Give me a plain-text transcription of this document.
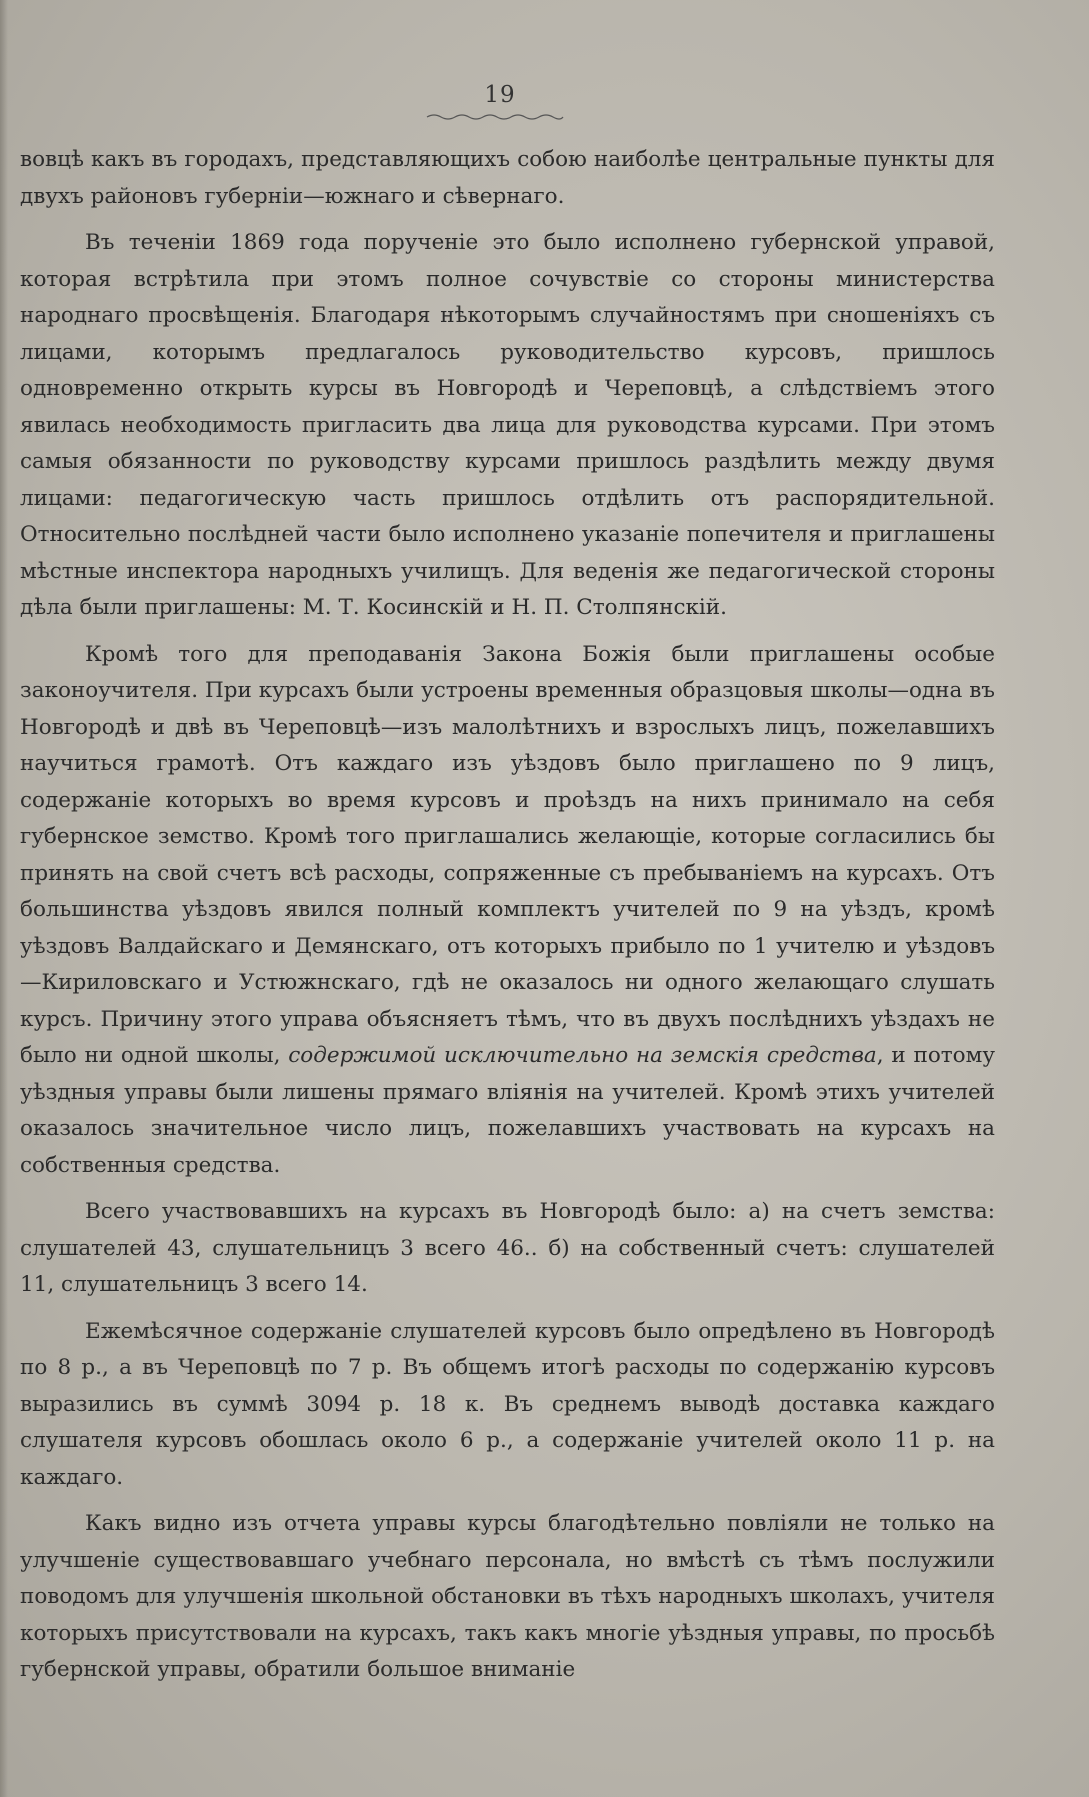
19

вовцѣ какъ въ городахъ, представляющихъ собою наиболѣе центральные пункты для двухъ районовъ губерніи—южнаго и сѣвернаго.

Въ теченіи 1869 года порученіе это было исполнено губернской управой, которая встрѣтила при этомъ полное сочувствіе со стороны министерства народнаго просвѣщенія. Благодаря нѣкоторымъ случайностямъ при сношеніяхъ съ лицами, которымъ предлагалось руководительство курсовъ, пришлось одновременно открыть курсы въ Новгородѣ и Череповцѣ, а слѣдствіемъ этого явилась необходимость пригласить два лица для руководства курсами. При этомъ самыя обязанности по руководству курсами пришлось раздѣлить между двумя лицами: педагогическую часть пришлось отдѣлить отъ распорядительной. Относительно послѣдней части было исполнено указаніе попечителя и приглашены мѣстные инспектора народныхъ училищъ. Для веденія же педагогической стороны дѣла были приглашены: М. Т. Косинскій и Н. П. Столпянскій.

Кромѣ того для преподаванія Закона Божія были приглашены особые законоучителя. При курсахъ были устроены временныя образцовыя школы—одна въ Новгородѣ и двѣ въ Череповцѣ—изъ малолѣтнихъ и взрослыхъ лицъ, пожелавшихъ научиться грамотѣ. Отъ каждаго изъ уѣздовъ было приглашено по 9 лицъ, содержаніе которыхъ во время курсовъ и проѣздъ на нихъ принимало на себя губернское земство. Кромѣ того приглашались желающіе, которые согласились бы принять на свой счетъ всѣ расходы, сопряженные съ пребываніемъ на курсахъ. Отъ большинства уѣздовъ явился полный комплектъ учителей по 9 на уѣздъ, кромѣ уѣздовъ Валдайскаго и Демянскаго, отъ которыхъ прибыло по 1 учителю и уѣздовъ—Кириловскаго и Устюжнскаго, гдѣ не оказалось ни одного желающаго слушать курсъ. Причину этого управа объясняетъ тѣмъ, что въ двухъ послѣднихъ уѣздахъ не было ни одной школы, содержимой исключительно на земскія средства, и потому уѣздныя управы были лишены прямаго вліянія на учителей. Кромѣ этихъ учителей оказалось значительное число лицъ, пожелавшихъ участвовать на курсахъ на собственныя средства.

Всего участвовавшихъ на курсахъ въ Новгородѣ было: а) на счетъ земства: слушателей 43, слушательницъ 3 всего 46.. б) на собственный счетъ: слушателей 11, слушательницъ 3 всего 14.

Ежемѣсячное содержаніе слушателей курсовъ было опредѣлено въ Новгородѣ по 8 р., а въ Череповцѣ по 7 р. Въ общемъ итогѣ расходы по содержанію курсовъ выразились въ суммѣ 3094 р. 18 к. Въ среднемъ выводѣ доставка каждаго слушателя курсовъ обошлась около 6 р., а содержаніе учителей около 11 р. на каждаго.

Какъ видно изъ отчета управы курсы благодѣтельно повліяли не только на улучшеніе существовавшаго учебнаго персонала, но вмѣстѣ съ тѣмъ послужили поводомъ для улучшенія школьной обстановки въ тѣхъ народныхъ школахъ, учителя которыхъ присутствовали на курсахъ, такъ какъ многіе уѣздныя управы, по просьбѣ губернской управы, обратили большое вниманіе
